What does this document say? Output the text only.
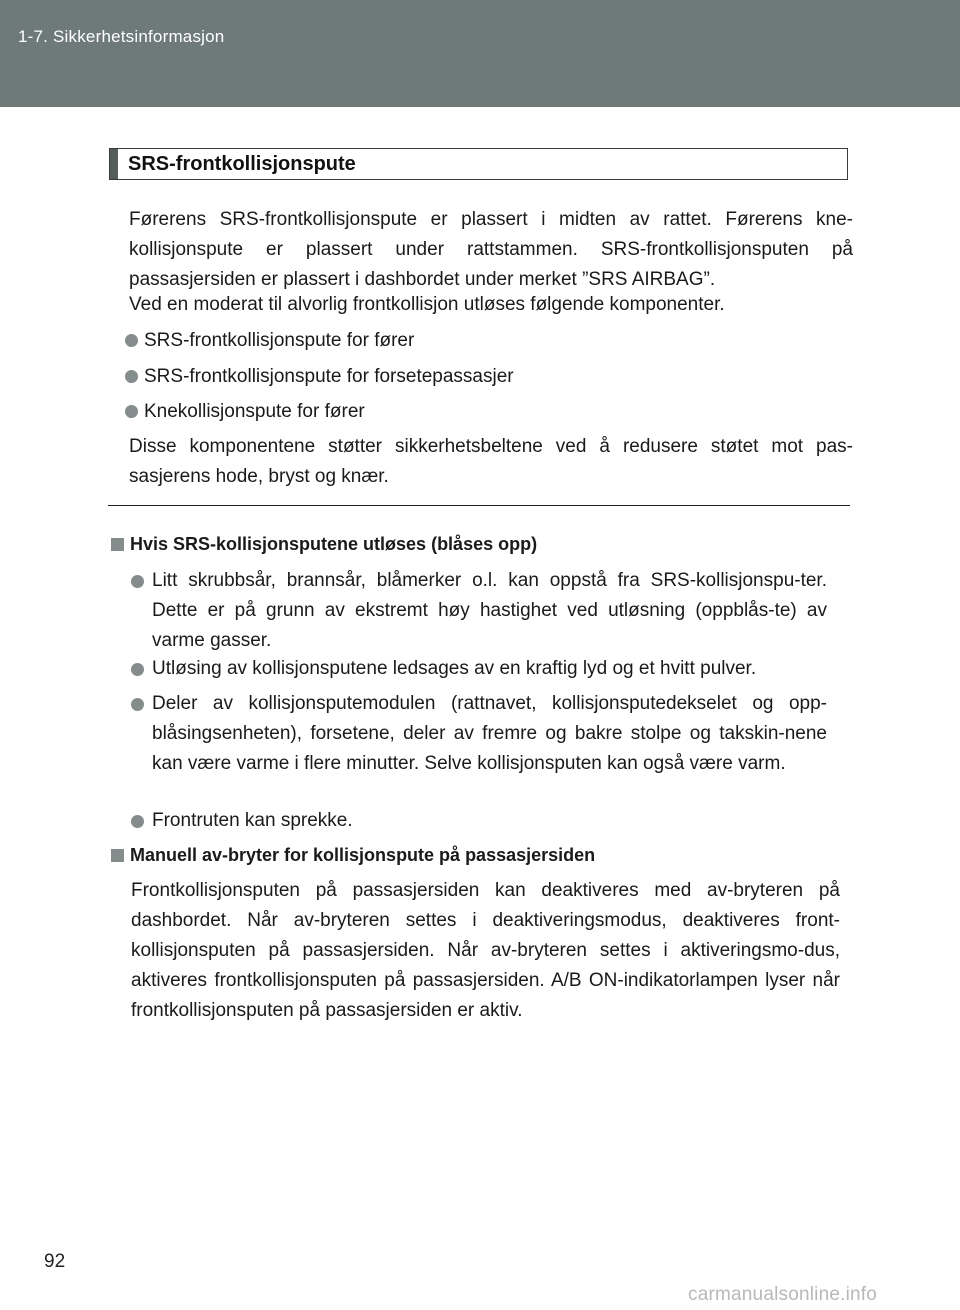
1-7. Sikkerhetsinformasjon
SRS-frontkollisjonspute
Førerens SRS-frontkollisjonspute er plassert i midten av rattet. Førerens kne-kollisjonspute er plassert under rattstammen. SRS-frontkollisjonsputen på passasjersiden er plassert i dashbordet under merket ”SRS AIRBAG”.
Ved en moderat til alvorlig frontkollisjon utløses følgende komponenter.
SRS-frontkollisjonspute for fører
SRS-frontkollisjonspute for forsetepassasjer
Knekollisjonspute for fører
Disse komponentene støtter sikkerhetsbeltene ved å redusere støtet mot pas-sasjerens hode, bryst og knær.
Hvis SRS-kollisjonsputene utløses (blåses opp)
Litt skrubbsår, brannsår, blåmerker o.l. kan oppstå fra SRS-kollisjonspu-ter. Dette er på grunn av ekstremt høy hastighet ved utløsning (oppblås-te) av varme gasser.
Utløsing av kollisjonsputene ledsages av en kraftig lyd og et hvitt pulver.
Deler av kollisjonsputemodulen (rattnavet, kollisjonsputedekselet og opp-blåsingsenheten), forsetene, deler av fremre og bakre stolpe og takskin-nene kan være varme i flere minutter. Selve kollisjonsputen kan også være varm.
Frontruten kan sprekke.
Manuell av-bryter for kollisjonspute på passasjersiden
Frontkollisjonsputen på passasjersiden kan deaktiveres med av-bryteren på dashbordet. Når av-bryteren settes i deaktiveringsmodus, deaktiveres front-kollisjonsputen på passasjersiden. Når av-bryteren settes i aktiveringsmo-dus, aktiveres frontkollisjonsputen på passasjersiden. A/B ON-indikatorlampen lyser når frontkollisjonsputen på passasjersiden er aktiv.
92
carmanualsonline.info
